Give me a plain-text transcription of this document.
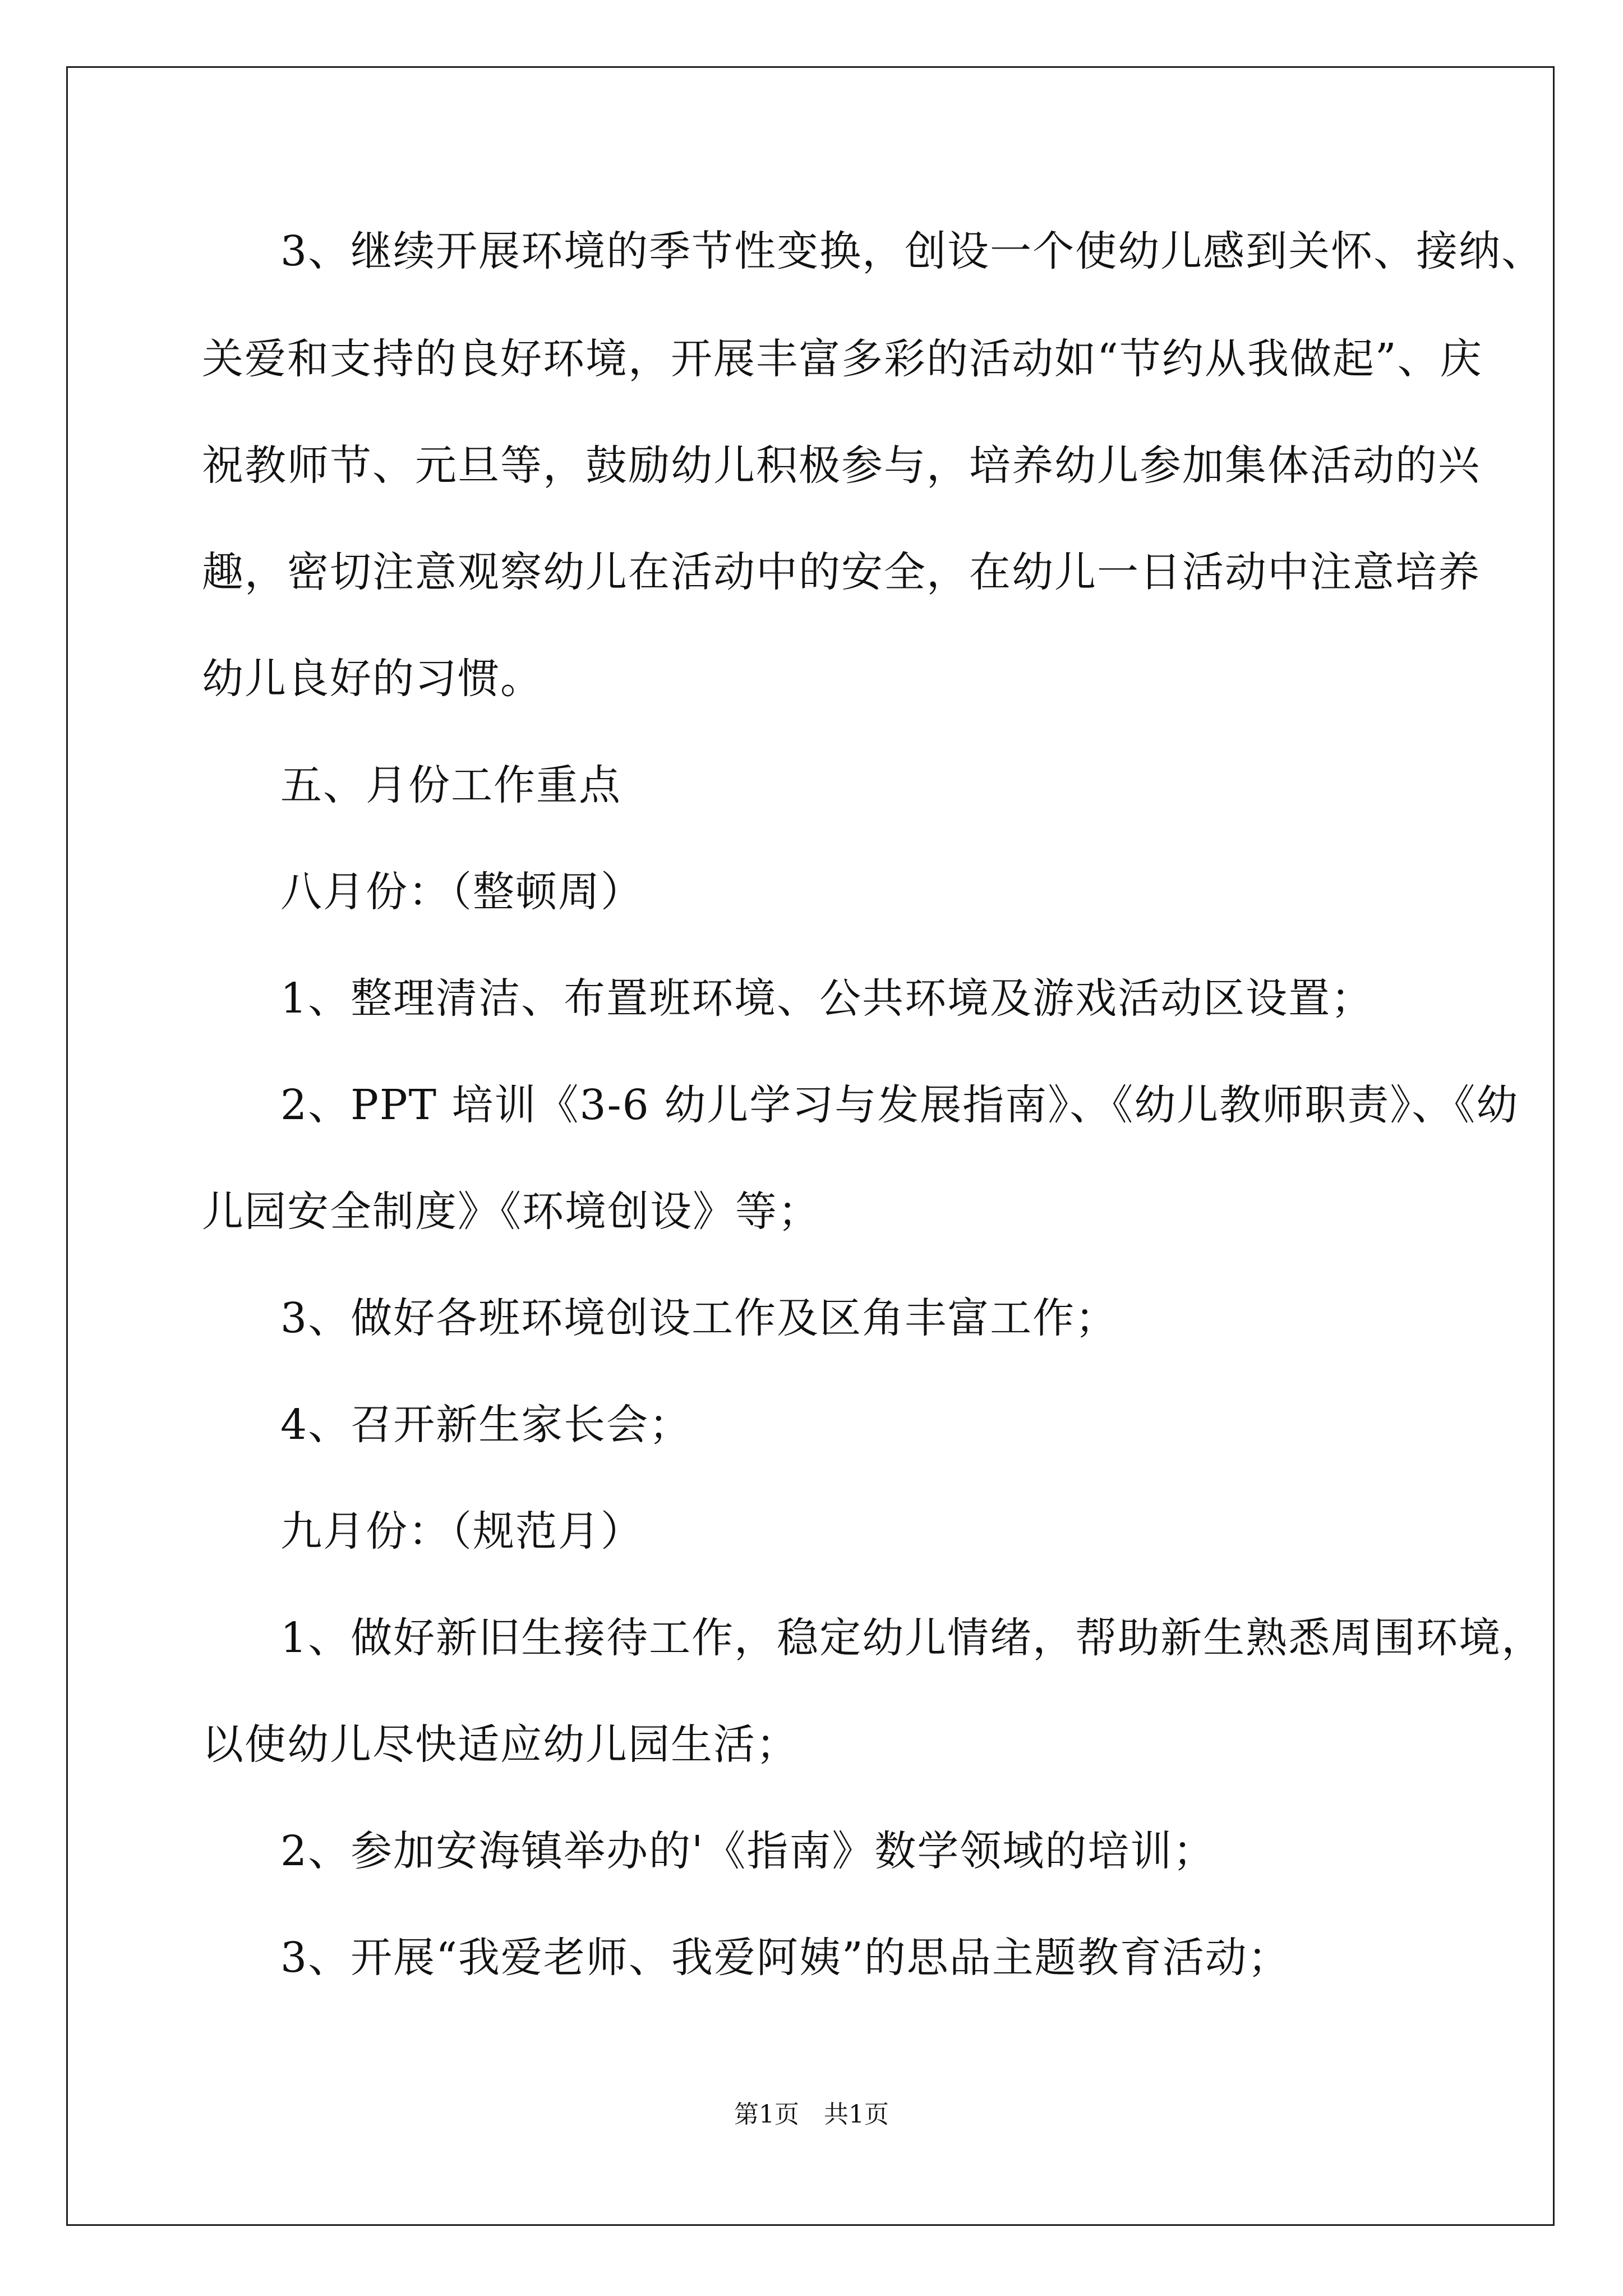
3、继续开展环境的季节性变换，创设一个使幼儿感到关怀、接纳、
关爱和支持的良好环境，开展丰富多彩的活动如“节约从我做起”、庆
祝教师节、元旦等，鼓励幼儿积极参与，培养幼儿参加集体活动的兴
趣，密切注意观察幼儿在活动中的安全，在幼儿一日活动中注意培养
幼儿良好的习惯。
五、月份工作重点
八月份：（整顿周）
1、整理清洁、布置班环境、公共环境及游戏活动区设置；
2、PPT 培训《3-6 幼儿学习与发展指南》、《幼儿教师职责》、《幼
儿园安全制度》《环境创设》等；
3、做好各班环境创设工作及区角丰富工作；
4、召开新生家长会；
九月份：（规范月）
1、做好新旧生接待工作，稳定幼儿情绪，帮助新生熟悉周围环境，
以使幼儿尽快适应幼儿园生活；
2、参加安海镇举办的'《指南》数学领域的培训；
3、开展“我爱老师、我爱阿姨”的思品主题教育活动；
第1页　共1页
